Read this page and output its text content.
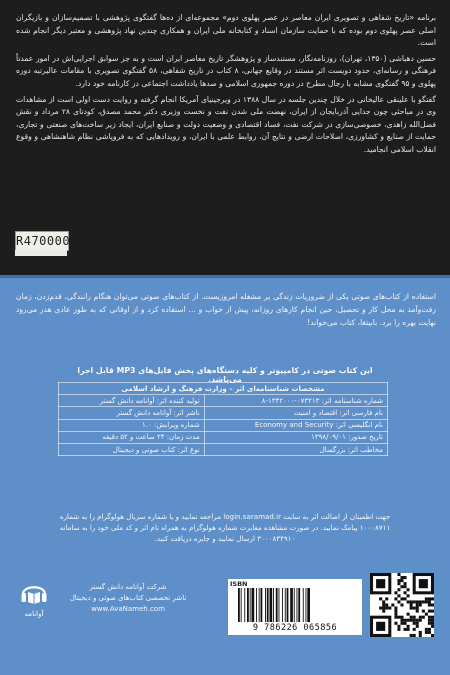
برنامه «تاریخ شفاهی و تصویری ایران معاصر در عصر پهلوی دوم» مجموعه‌ای از ده‌ها گفتگوی پژوهشی با تصمیم‌سازان و بازیگران اصلی عصر پهلوی دوم بوده که با حمایت سازمان اسناد و کتابخانه ملی ایران و همکاری چندین نهاد پژوهشی و معتبر دیگر انجام شده است.

حسین دهباشی (۱۳۵۰، تهران)، روزنامه‌نگار، مستندساز و پژوهشگر تاریخ معاصر ایران است و به جز سوابق اجرایی‌اش در امور عمدتاً فرهنگی و رسانه‌ای، حدود دویست اثر مستند در وقایع جهانی، ۸ کتاب در تاریخ شفاهی، ۵۸ گفتگوی تصویری با مقامات عالیرتبه دوره پهلوی و ۹۵ گفتگوی مشابه با رجال مطرح در دوره جمهوری اسلامی و صدها یادداشت اجتماعی در کارنامه خود دارد.

گفتگو با علینقی عالیخانی در خلال چندین جلسه در سال ۱۳۸۸ در ویرجینیای آمریکا انجام گرفته و روایت دست اولی است از مشاهدات وی در مباحثی چون جدایی آذربایجان از ایران، نهضت ملی شدن نفت و نخست وزیری دکتر محمد مصدق، کودتای ۲۸ مرداد و نقش فضل‌الله زاهدی، خصوصی‌سازی در شرکت نفت، فساد اقتصادی و وضعیت دولت و صنایع ایران، ایجاد زیر ساخت‌های صنعتی و تجاری، حمایت از صنایع و کشاورزی، اصلاحات ارضی و نتایج آن، روابط علمی با ایران، و رویدادهایی که به فروپاشی نظام شاهنشاهی و وقوع انقلاب اسلامی انجامید.

R470000
استفاده از کتاب‌های صوتی یکی از ضروریات زندگی پر مشغله امروزیست. از کتاب‌های صوتی می‌توان هنگام رانندگی، قدم‌زدن، زمان رفت‌وآمد به محل کار و تحصیل، حین انجام کارهای روزانه، پیش از خواب و ... استفاده کرد و از اوقاتی که به طور عادی هدر می‌رود نهایت بهره را برد. بابیتغا، کتاب می‌خواند!
این کتاب صوتی در کامپیوتر و کلیه دستگاه‌های پخش فایل‌های MP3 قابل اجرا می‌باشد.
مشخصات شناسنامه‌ای اثر – وزارت فرهنگ و ارشاد اسلامی	
شماره شناسنامه اثر: ۰۷۳۲۱۳-۱۳۴۲۰۰۰-۸	تولید کننده اثر: آوانامه دانش گستر
نام فارسی اثر: اقتصاد و امنیت	ناشر اثر: آوانامه دانش گستر
نام انگلیسی اثر: Economy and Security	شماره ویرایش: ۱.۰
تاریخ صدور: ۱۳۹۸/۰۹/۰۱	مدت زمان: ۲۴ ساعت و ۵۲ دقیقه
مخاطب اثر: بزرگسال	نوع اثر: کتاب صوتی و دیجیتال
جهت اطمینان از اصالت اثر به سایت login.saramad.ir مراجعه نمایید و یا شماره سریال هولوگرام را به شماره ۱۰۰۰۸۷۱۱ پیامک نمایید. در صورت مشاهده مغایرت شماره هولوگرام به همراه نام اثر و کد ملی خود را به سامانه ۳۰۰۰۸۳۴۹۱۰ ارسال نمایید و جایزه دریافت کنید.
آوانامه
شرکت آوانامه دانش گستر
ناشر تخصصی کتاب‌های صوتی و دیجیتال
www.AvaNameh.com
ISBN
9 786226 065856
